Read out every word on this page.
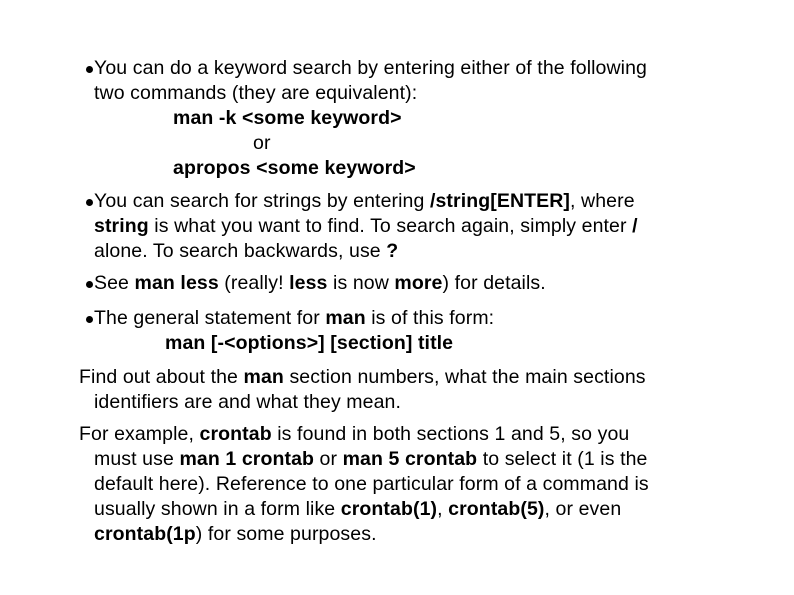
You can do a keyword search by entering either of the following
two commands (they are equivalent):
man -k <some keyword>
or
apropos <some keyword>
You can search for strings by entering /string[ENTER], where
string is what you want to find. To search again, simply enter /
alone. To search backwards, use ?
See man less (really! less is now more) for details.
The general statement for man is of this form:
man [-<options>] [section] title
Find out about the man section numbers, what the main sections
identifiers are and what they mean.
For example, crontab is found in both sections 1 and 5, so you
must use man 1 crontab or man 5 crontab to select it (1 is the
default here). Reference to one particular form of a command is
usually shown in a form like crontab(1), crontab(5), or even
crontab(1p) for some purposes.
